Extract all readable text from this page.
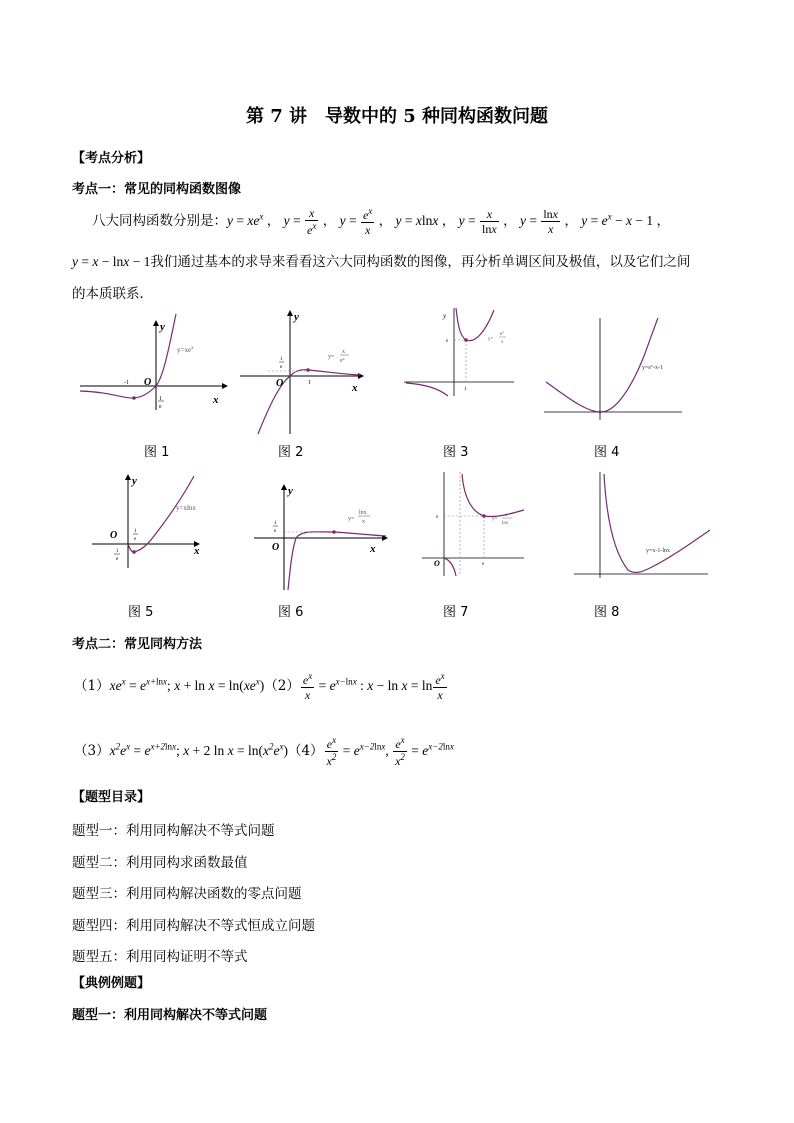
第 7 讲　导数中的 5 种同构函数问题
【考点分析】
考点一：常见的同构函数图像
八大同构函数分别是：$y = xe^x$ ， $y = \frac{x}{e^x}$ ， $y = \frac{e^x}{x}$ ， y = xlnx ， $y = \frac{x}{\ln x}$ ， $y = \frac{\ln x}{x}$ ， $y = e^x - x - 1$ ，
y = x − lnx − 1我们通过基本的求导来看看这六大同构函数的图像，再分析单调区间及极值，以及它们之间
的本质联系．
O
x
y
$y=xe^x$
-1
1
e
O	x
y
1
1
e
y=
x
$e^x$
y
e
1
y=
$e^x$
x
$y=e^x-x-1$
图 1	图 2	图 3	图 4
O
x
y
y=xlnx
1
e
1
e
O	x
y
1
e
y=
lnx
x
O
e
e
y=
x
lnx
y=x-1-lnx
图 5	图 6	图 7	图 8
考点二：常见同构方法
$(1)xe^x = e^{x+lnx}$; $x + \ln x = \ln(xe^x)(2) \frac{e^x}{x} = e^{x-lnx}$ : $x - \ln x = \ln \frac{e^x}{x}$
$(3)x^2e^x = e^{x+2lnx}$; x + 2 $\ln x = \ln(x^2e^x)(4) \frac{e^x}{x^2} = e^{x-2lnx}$, $\frac{e^x}{x^2} = e^{x-2lnx}$
【题型目录】
题型一：利用同构解决不等式问题
题型二：利用同构求函数最值
题型三：利用同构解决函数的零点问题
题型四：利用同构解决不等式恒成立问题
题型五：利用同构证明不等式
【典例例题】
题型一：利用同构解决不等式问题
